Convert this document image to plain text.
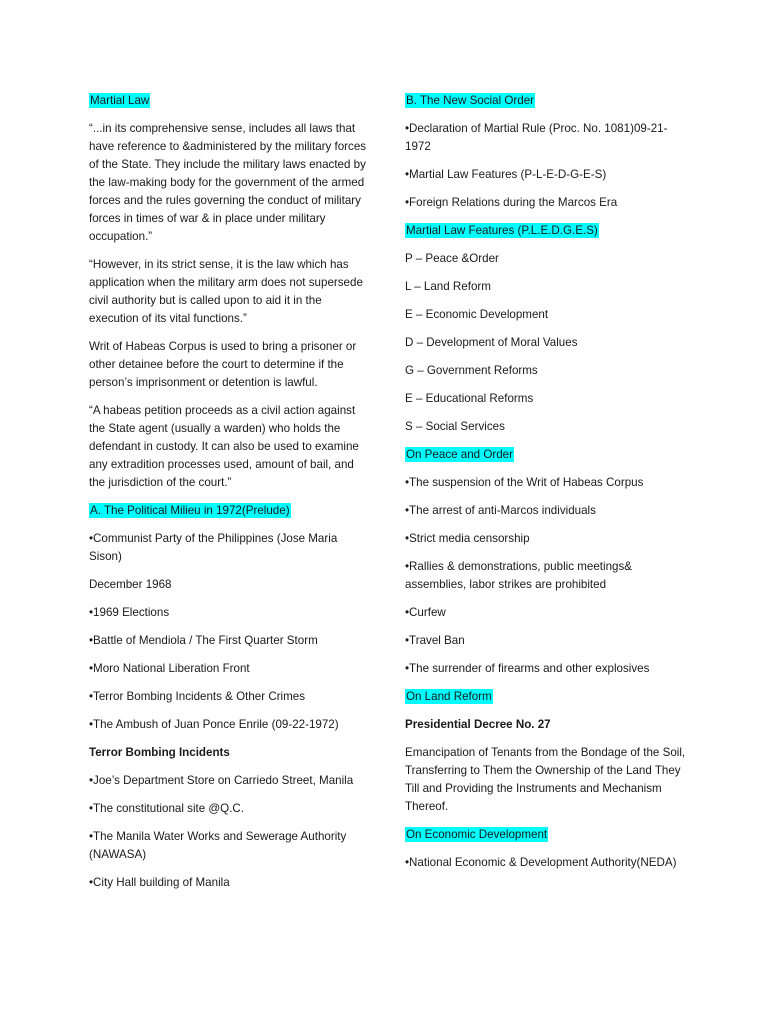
Martial Law

“...in its comprehensive sense, includes all laws that have reference to &administered by the military forces of the State. They include the military laws enacted by the law-making body for the government of the armed forces and the rules governing the conduct of military forces in times of war & in place under military occupation.”

“However, in its strict sense, it is the law which has application when the military arm does not supersede civil authority but is called upon to aid it in the execution of its vital functions.”

Writ of Habeas Corpus is used to bring a prisoner or other detainee before the court to determine if the person’s imprisonment or detention is lawful.

“A habeas petition proceeds as a civil action against the State agent (usually a warden) who holds the defendant in custody. It can also be used to examine any extradition processes used, amount of bail, and the jurisdiction of the court.”

A. The Political Milieu in 1972(Prelude)

•Communist Party of the Philippines (Jose Maria Sison)

December 1968

•1969 Elections

•Battle of Mendiola / The First Quarter Storm

•Moro National Liberation Front

•Terror Bombing Incidents & Other Crimes

•The Ambush of Juan Ponce Enrile (09-22-1972)

Terror Bombing Incidents

•Joe’s Department Store on Carriedo Street, Manila

•The constitutional site @Q.C.

•The Manila Water Works and Sewerage Authority (NAWASA)

•City Hall building of Manila

B. The New Social Order

•Declaration of Martial Rule (Proc. No. 1081)09-21-1972

•Martial Law Features (P-L-E-D-G-E-S)

•Foreign Relations during the Marcos Era

Martial Law Features (P.L.E.D.G.E.S)

P – Peace &Order

L – Land Reform

E – Economic Development

D – Development of Moral Values

G – Government Reforms

E – Educational Reforms

S – Social Services

On Peace and Order

•The suspension of the Writ of Habeas Corpus

•The arrest of anti-Marcos individuals

•Strict media censorship

•Rallies & demonstrations, public meetings& assemblies, labor strikes are prohibited

•Curfew

•Travel Ban

•The surrender of firearms and other explosives

On Land Reform

Presidential Decree No. 27

Emancipation of Tenants from the Bondage of the Soil, Transferring to Them the Ownership of the Land They Till and Providing the Instruments and Mechanism Thereof.

On Economic Development

•National Economic & Development Authority(NEDA)
